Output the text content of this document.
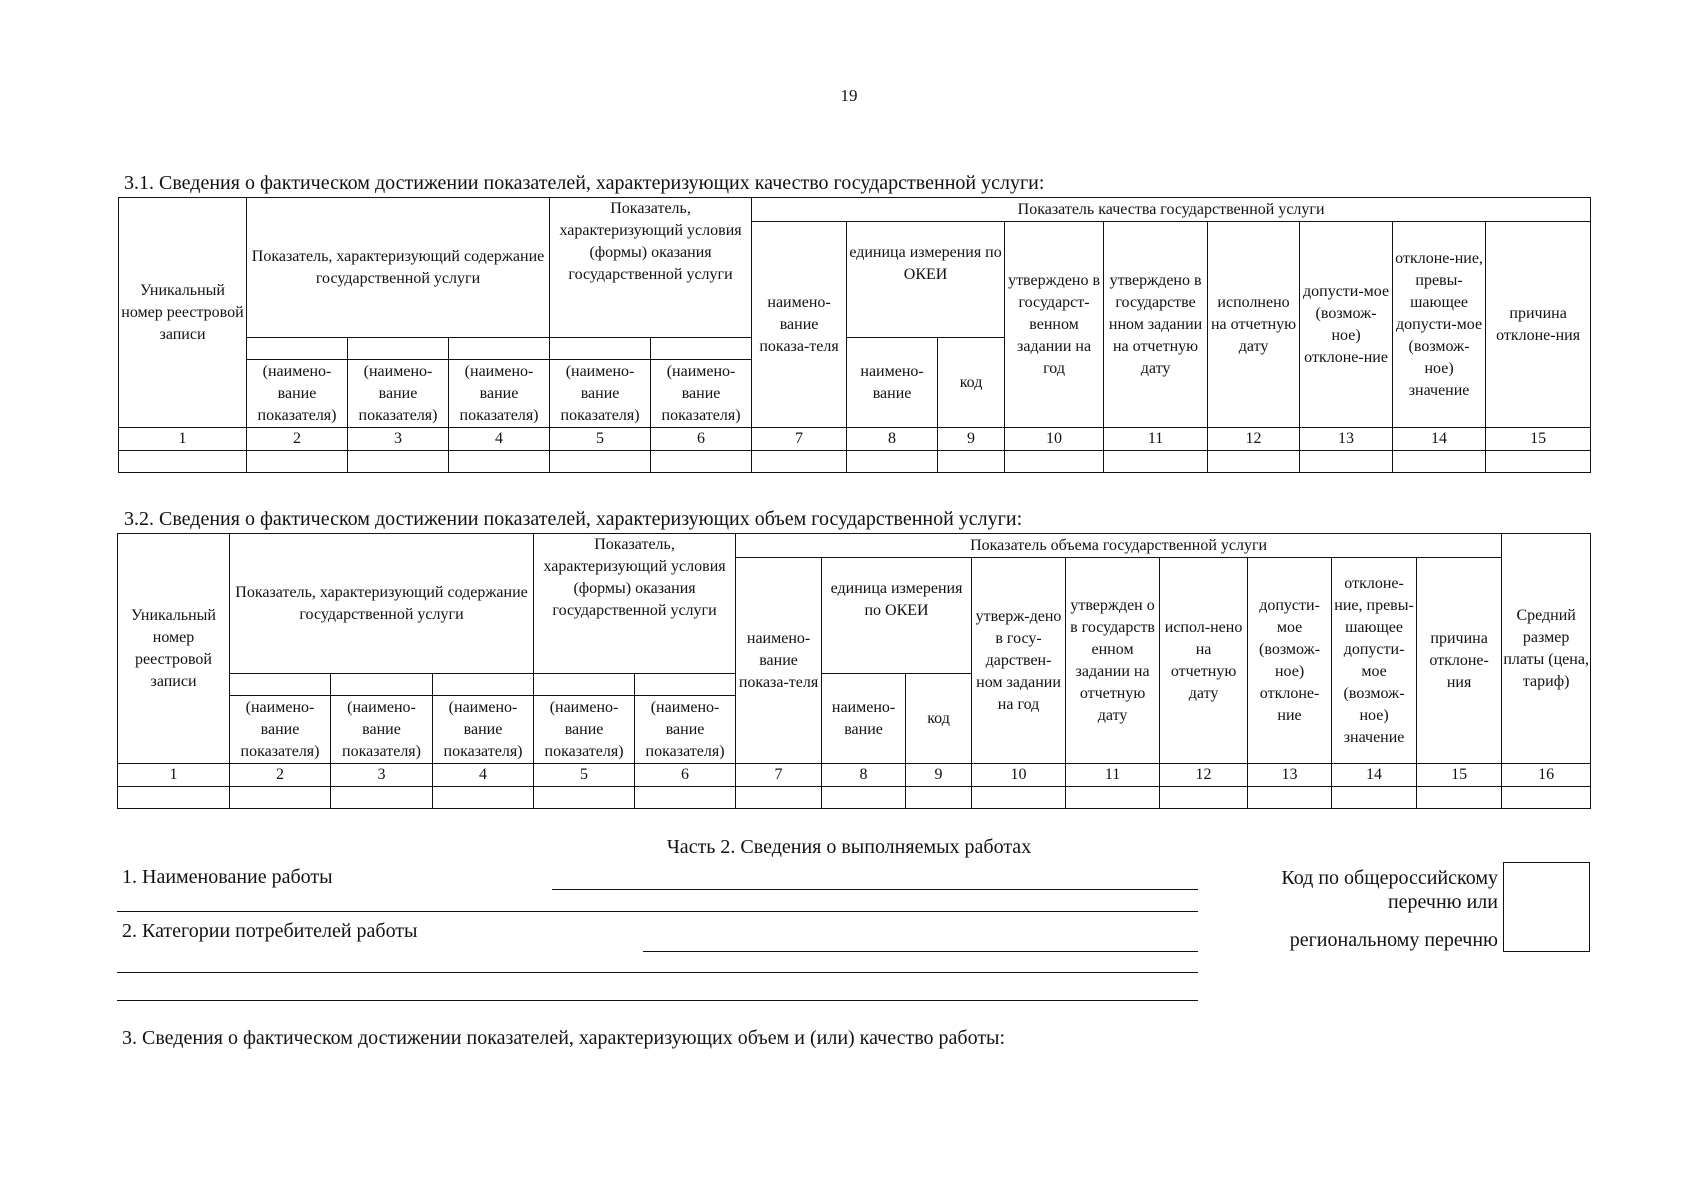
19
3.1. Сведения о фактическом достижении показателей, характеризующих качество государственной услуги:
Уникальный номер реестровой записи	Показатель, характеризующий содержание государственной услуги			Показатель, характеризующий условия (формы) оказания государственной услуги		Показатель качества государственной услуги								
						наимено-вание показа-теля	единица измерения по ОКЕИ		утверждено в государст-венном задании на год	утверждено в государстве нном задании на отчетную дату	исполнено на отчетную дату	допусти-мое (возмож-ное) отклоне-ние	отклоне-ние, превы-шающее допусти-мое (возмож-ное) значение	причина отклоне-ния
							наимено-вание	код						
	(наимено-вание показателя)	(наимено-вание показателя)	(наимено-вание показателя)	(наимено-вание показателя)	(наимено-вание показателя)									
1	2	3	4	5	6	7	8	9	10	11	12	13	14	15

3.2. Сведения о фактическом достижении показателей, характеризующих объем государственной услуги:
Уникальный номер реестровой записи	Показатель, характеризующий содержание государственной услуги			Показатель, характеризующий условия (формы) оказания государственной услуги		Показатель объема государственной услуги									Средний размер платы (цена, тариф)
						наимено-вание показа-теля	единица измерения по ОКЕИ		утверж-дено в госу-дарствен-ном задании на год	утвержден о в государств енном задании на отчетную дату	испол-нено на отчетную дату	допусти-мое (возмож-ное) отклоне-ние	отклоне-ние, превы-шающее допусти-мое (возмож-ное) значение	причина отклоне-ния	
							наимено-вание	код							
	(наимено-вание показателя)	(наимено-вание показателя)	(наимено-вание показателя)	(наимено-вание показателя)	(наимено-вание показателя)										
1	2	3	4	5	6	7	8	9	10	11	12	13	14	15	16

Часть 2. Сведения о выполняемых работах
1. Наименование работы
2. Категории потребителей работы
Код по общероссийскому
перечню или
региональному перечню
3. Сведения о фактическом достижении показателей, характеризующих объем и (или) качество работы:
